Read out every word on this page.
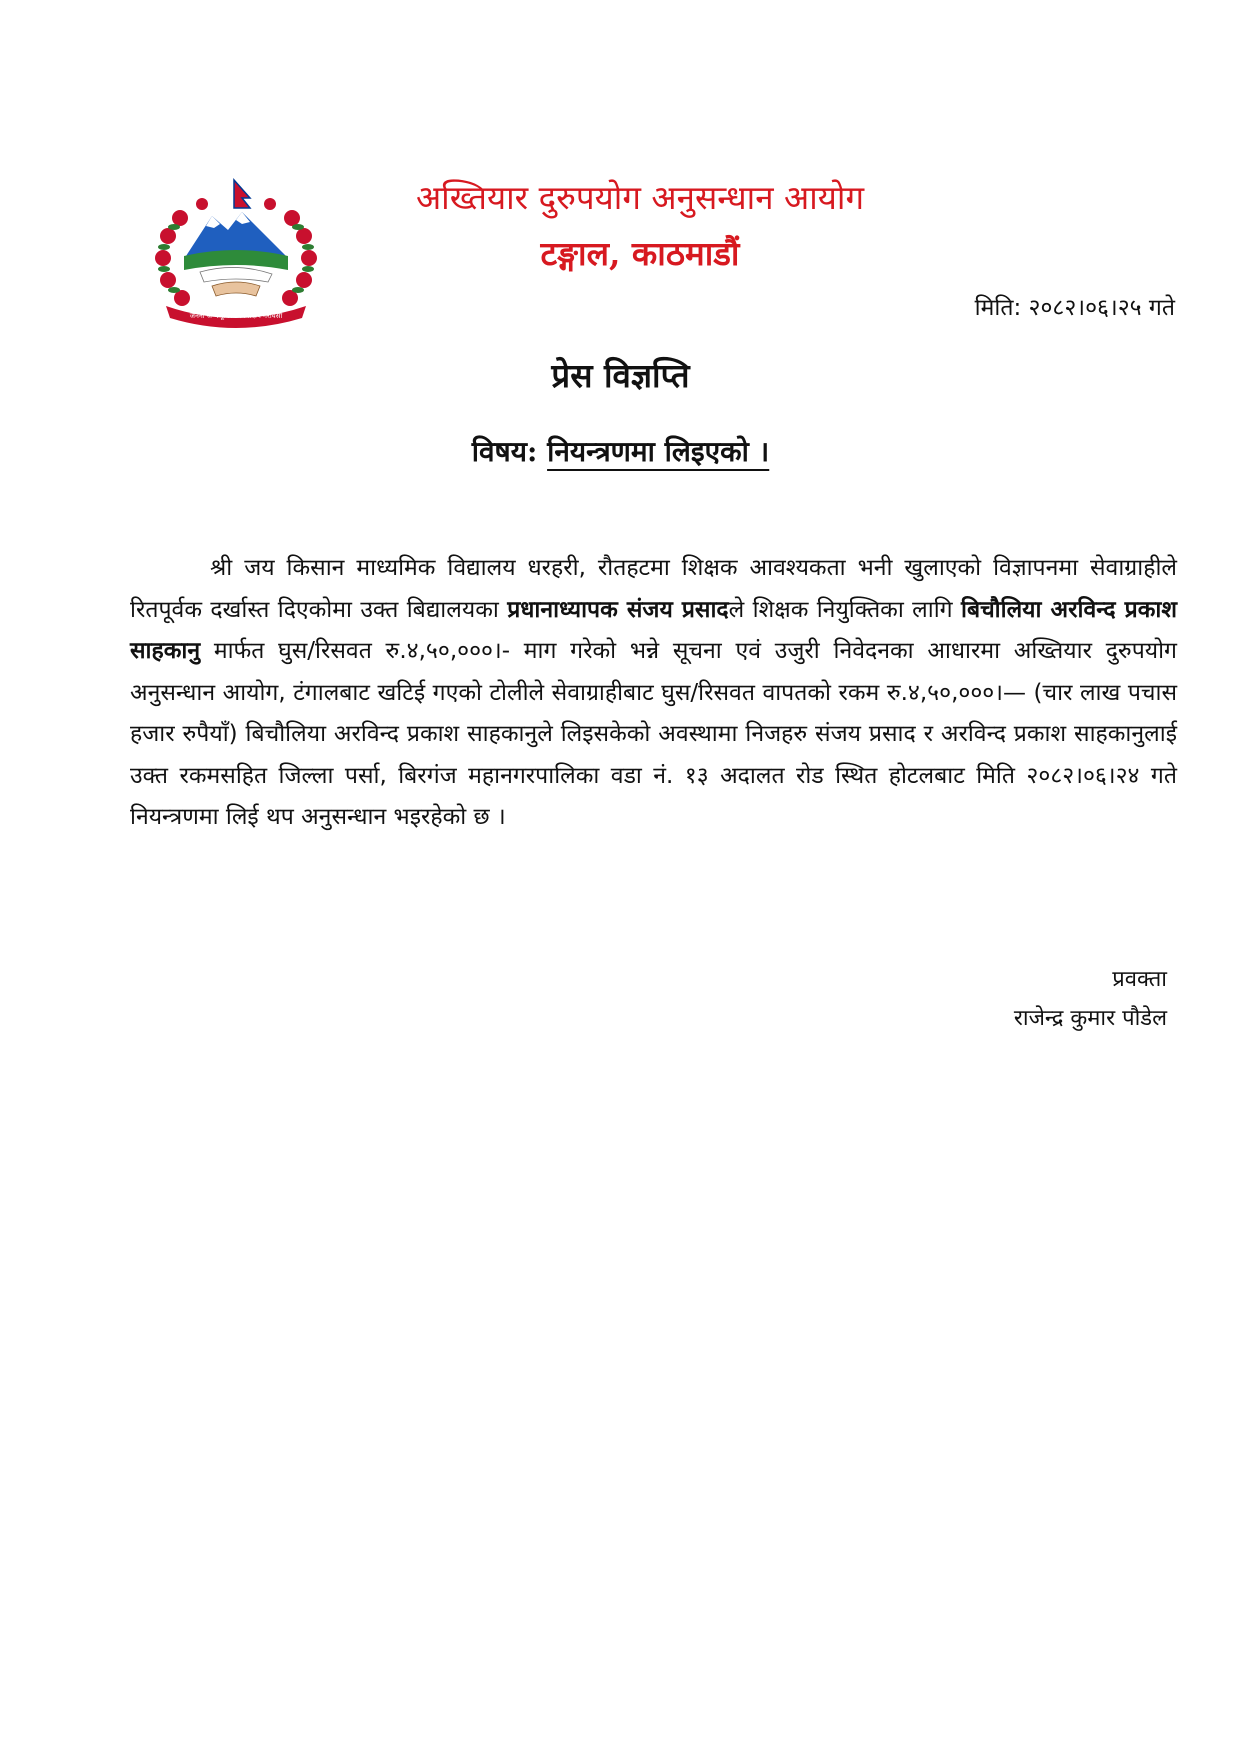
जननी जन्मभूमिश्च स्वर्गादपि गरीयसी
अख्तियार दुरुपयोग अनुसन्धान आयोग
टङ्गाल, काठमाडौं
मिति: २०८२।०६।२५ गते
प्रेस विज्ञप्ति
विषय: नियन्त्रणमा लिइएको ।
श्री जय किसान माध्यमिक विद्यालय धरहरी, रौतहटमा शिक्षक आवश्यकता भनी खुलाएको विज्ञापनमा सेवाग्राहीले रितपूर्वक दर्खास्त दिएकोमा उक्त बिद्यालयका प्रधानाध्यापक संजय प्रसादले शिक्षक नियुक्तिका लागि बिचौलिया अरविन्द प्रकाश साहकानु मार्फत घुस/रिसवत रु.४,५०,०००।- माग गरेको भन्ने सूचना एवं उजुरी निवेदनका आधारमा अख्तियार दुरुपयोग अनुसन्धान आयोग, टंगालबाट खटिई गएको टोलीले सेवाग्राहीबाट घुस/रिसवत वापतको रकम रु.४,५०,०००।— (चार लाख पचास हजार रुपैयाँ) बिचौलिया अरविन्द प्रकाश साहकानुले लिइसकेको अवस्थामा निजहरु संजय प्रसाद र अरविन्द प्रकाश साहकानुलाई उक्त रकमसहित जिल्ला पर्सा, बिरगंज महानगरपालिका वडा नं. १३ अदालत रोड स्थित होटलबाट मिति २०८२।०६।२४ गते नियन्त्रणमा लिई थप अनुसन्धान भइरहेको छ ।
प्रवक्ता
राजेन्द्र कुमार पौडेल
